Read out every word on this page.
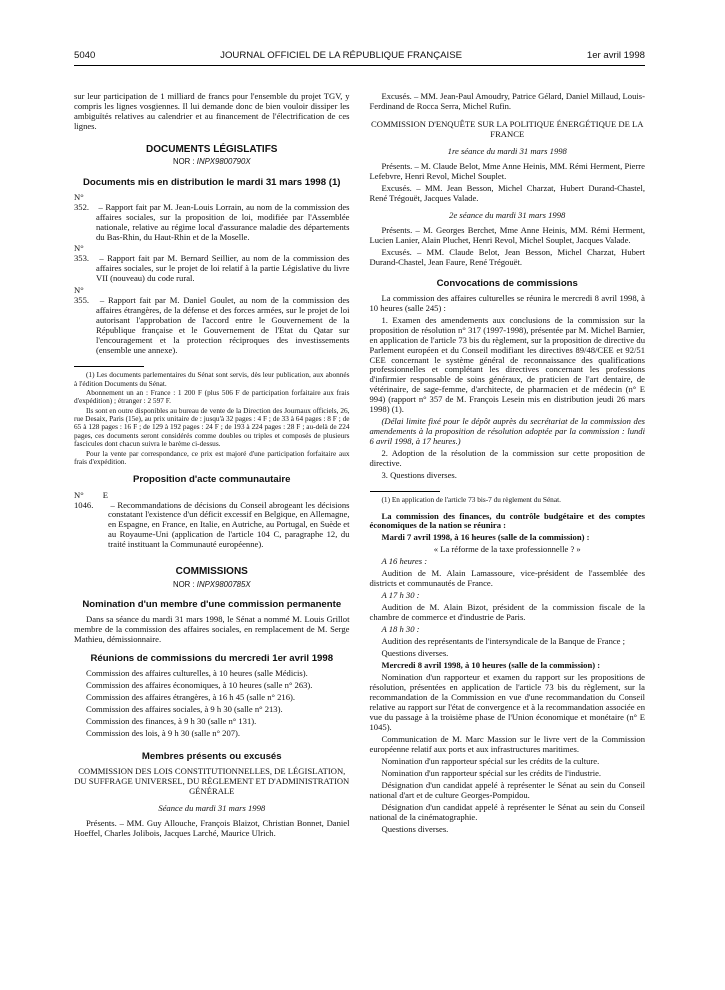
5040	JOURNAL OFFICIEL DE LA RÉPUBLIQUE FRANÇAISE	1er avril 1998

sur leur participation de 1 milliard de francs pour l'ensemble du projet TGV, y compris les lignes vosgiennes. Il lui demande donc de bien vouloir dissiper les ambiguïtés relatives au calendrier et au financement de l'électrification de ces lignes.

DOCUMENTS LÉGISLATIFS
NOR : INPX9800790X
Documents mis en distribution le mardi 31 mars 1998 (1)
N° 352. – Rapport fait par M. Jean-Louis Lorrain, au nom de la commission des affaires sociales, sur la proposition de loi, modifiée par l'Assemblée nationale, relative au régime local d'assurance maladie des départements du Bas-Rhin, du Haut-Rhin et de la Moselle.
N° 353. – Rapport fait par M. Bernard Seillier, au nom de la commission des affaires sociales, sur le projet de loi relatif à la partie Législative du livre VII (nouveau) du code rural.
N° 355. – Rapport fait par M. Daniel Goulet, au nom de la commission des affaires étrangères, de la défense et des forces armées, sur le projet de loi autorisant l'approbation de l'accord entre le Gouvernement de la République française et le Gouvernement de l'Etat du Qatar sur l'encouragement et la protection réciproques des investissements (ensemble une annexe).

(1) Les documents parlementaires du Sénat sont servis, dès leur publication, aux abonnés à l'édition Documents du Sénat.

Abonnement un an : France : 1 200 F (plus 506 F de participation forfaitaire aux frais d'expédition) ; étranger : 2 597 F.

Ils sont en outre disponibles au bureau de vente de la Direction des Journaux officiels, 26, rue Desaix, Paris (15e), au prix unitaire de : jusqu'à 32 pages : 4 F ; de 33 à 64 pages : 8 F ; de 65 à 128 pages : 16 F ; de 129 à 192 pages : 24 F ; de 193 à 224 pages : 28 F ; au-delà de 224 pages, ces documents seront considérés comme doubles ou triples et composés de plusieurs fascicules dont chacun suivra le barème ci-dessus.

Pour la vente par correspondance, ce prix est majoré d'une participation forfaitaire aux frais d'expédition.

Proposition d'acte communautaire
N° E 1046. – Recommandations de décisions du Conseil abrogeant les décisions constatant l'existence d'un déficit excessif en Belgique, en Allemagne, en Espagne, en France, en Italie, en Autriche, au Portugal, en Suède et au Royaume-Uni (application de l'article 104 C, paragraphe 12, du traité instituant la Communauté européenne).
COMMISSIONS
NOR : INPX9800785X
Nomination d'un membre d'une commission permanente

Dans sa séance du mardi 31 mars 1998, le Sénat a nommé M. Louis Grillot membre de la commission des affaires sociales, en remplacement de M. Serge Mathieu, démissionnaire.

Réunions de commissions du mercredi 1er avril 1998

Commission des affaires culturelles, à 10 heures (salle Médicis).

Commission des affaires économiques, à 10 heures (salle n° 263).

Commission des affaires étrangères, à 16 h 45 (salle n° 216).

Commission des affaires sociales, à 9 h 30 (salle n° 213).

Commission des finances, à 9 h 30 (salle n° 131).

Commission des lois, à 9 h 30 (salle n° 207).

Membres présents ou excusés

COMMISSION DES LOIS CONSTITUTIONNELLES, DE LÉGISLATION, DU SUFFRAGE UNIVERSEL, DU RÈGLEMENT ET D'ADMINISTRATION GÉNÉRALE

Séance du mardi 31 mars 1998

Présents. – MM. Guy Allouche, François Blaizot, Christian Bonnet, Daniel Hoeffel, Charles Jolibois, Jacques Larché, Maurice Ulrich.

Excusés. – MM. Jean-Paul Amoudry, Patrice Gélard, Daniel Millaud, Louis-Ferdinand de Rocca Serra, Michel Rufin.

COMMISSION D'ENQUÊTE SUR LA POLITIQUE ÉNERGÉTIQUE DE LA FRANCE

1re séance du mardi 31 mars 1998

Présents. – M. Claude Belot, Mme Anne Heinis, MM. Rémi Herment, Pierre Lefebvre, Henri Revol, Michel Souplet.

Excusés. – MM. Jean Besson, Michel Charzat, Hubert Durand-Chastel, René Trégouët, Jacques Valade.

2e séance du mardi 31 mars 1998

Présents. – M. Georges Berchet, Mme Anne Heinis, MM. Rémi Herment, Lucien Lanier, Alain Pluchet, Henri Revol, Michel Souplet, Jacques Valade.

Excusés. – MM. Claude Belot, Jean Besson, Michel Charzat, Hubert Durand-Chastel, Jean Faure, René Trégouët.

Convocations de commissions

La commission des affaires culturelles se réunira le mercredi 8 avril 1998, à 10 heures (salle 245) :

1. Examen des amendements aux conclusions de la commission sur la proposition de résolution n° 317 (1997-1998), présentée par M. Michel Barnier, en application de l'article 73 bis du règlement, sur la proposition de directive du Parlement européen et du Conseil modifiant les directives 89/48/CEE et 92/51 CEE concernant le système général de reconnaissance des qualifications professionnelles et complétant les directives concernant les professions d'infirmier responsable de soins généraux, de praticien de l'art dentaire, de vétérinaire, de sage-femme, d'architecte, de pharmacien et de médecin (n° E 994) (rapport n° 357 de M. François Lesein mis en distribution jeudi 26 mars 1998) (1).

(Délai limite fixé pour le dépôt auprès du secrétariat de la commission des amendements à la proposition de résolution adoptée par la commission : lundi 6 avril 1998, à 17 heures.)

2. Adoption de la résolution de la commission sur cette proposition de directive.

3. Questions diverses.

(1) En application de l'article 73 bis-7 du règlement du Sénat.

La commission des finances, du contrôle budgétaire et des comptes économiques de la nation se réunira :

Mardi 7 avril 1998, à 16 heures (salle de la commission) :

« La réforme de la taxe professionnelle ? »

A 16 heures :

Audition de M. Alain Lamassoure, vice-président de l'assemblée des districts et communautés de France.

A 17 h 30 :

Audition de M. Alain Bizot, président de la commission fiscale de la chambre de commerce et d'industrie de Paris.

A 18 h 30 :

Audition des représentants de l'intersyndicale de la Banque de France ;

Questions diverses.

Mercredi 8 avril 1998, à 10 heures (salle de la commission) :

Nomination d'un rapporteur et examen du rapport sur les propositions de résolution, présentées en application de l'article 73 bis du règlement, sur la recommandation de la Commission en vue d'une recommandation du Conseil relative au rapport sur l'état de convergence et à la recommandation associée en vue du passage à la troisième phase de l'Union économique et monétaire (n° E 1045).

Communication de M. Marc Massion sur le livre vert de la Commission européenne relatif aux ports et aux infrastructures maritimes.

Nomination d'un rapporteur spécial sur les crédits de la culture.

Nomination d'un rapporteur spécial sur les crédits de l'industrie.

Désignation d'un candidat appelé à représenter le Sénat au sein du Conseil national d'art et de culture Georges-Pompidou.

Désignation d'un candidat appelé à représenter le Sénat au sein du Conseil national de la cinématographie.

Questions diverses.
